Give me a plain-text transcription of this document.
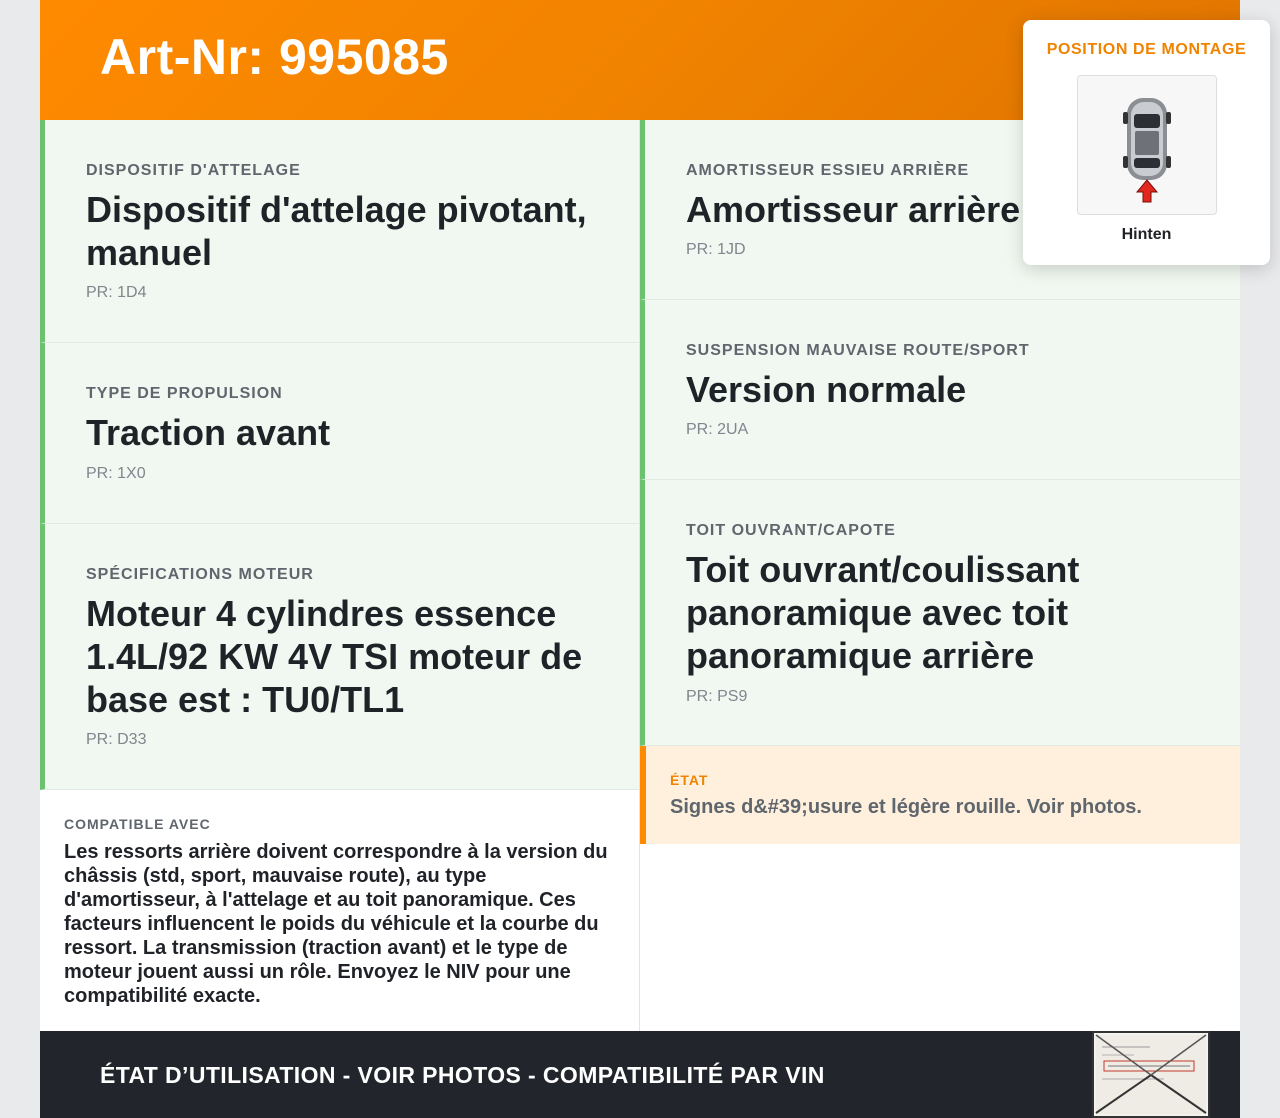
Art-Nr: 995085
DISPOSITIF D'ATTELAGE
Dispositif d'attelage pivotant, manuel
PR: 1D4
TYPE DE PROPULSION
Traction avant
PR: 1X0
SPÉCIFICATIONS MOTEUR
Moteur 4 cylindres essence 1.4L/92 KW 4V TSI moteur de base est : TU0/TL1
PR: D33
AMORTISSEUR ESSIEU ARRIÈRE
Amortisseur arrière
PR: 1JD
SUSPENSION MAUVAISE ROUTE/SPORT
Version normale
PR: 2UA
TOIT OUVRANT/CAPOTE
Toit ouvrant/coulissant panoramique avec toit panoramique arrière
PR: PS9
COMPATIBLE AVEC
Les ressorts arrière doivent correspondre à la version du châssis (std, sport, mauvaise route), au type d'amortisseur, à l'attelage et au toit panoramique. Ces facteurs influencent le poids du véhicule et la courbe du ressort. La transmission (traction avant) et le type de moteur jouent aussi un rôle. Envoyez le NIV pour une compatibilité exacte.
ÉTAT
Signes d&#39;usure et légère rouille. Voir photos.
ÉTAT D’UTILISATION - VOIR PHOTOS - COMPATIBILITÉ PAR VIN
POSITION DE MONTAGE
Hinten
